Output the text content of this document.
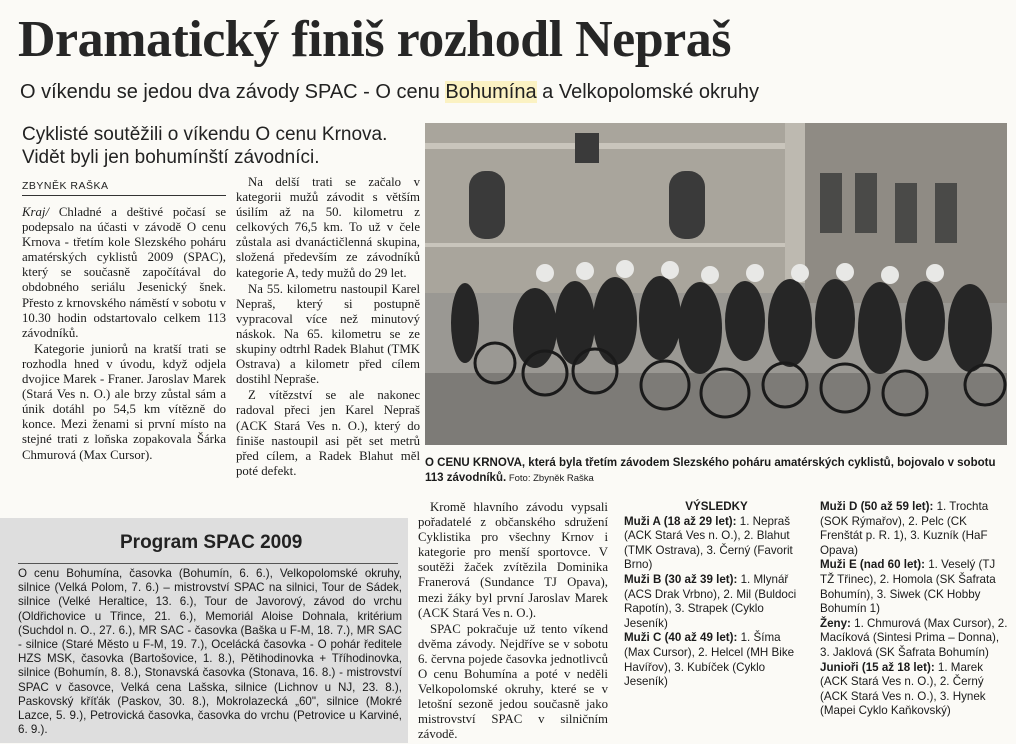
Dramatický finiš rozhodl Nepraš
O víkendu se jedou dva závody SPAC - O cenu Bohumína a Velkopolomské okruhy
Cyklisté soutěžili o víkendu O cenu Krnova. Vidět byli jen bohumínští závodníci.
ZBYNĚK RAŠKA

Kraj/ Chladné a deštivé počasí se podepsalo na účasti v závodě O cenu Krnova - třetím kole Slezského poháru amatérských cyklistů 2009 (SPAC), který se současně započítával do obdobného seriálu Jesenický šnek. Přesto z krnovského náměstí v sobotu v 10.30 hodin odstartovalo celkem 113 závodníků.

Kategorie juniorů na kratší trati se rozhodla hned v úvodu, když odjela dvojice Marek - Franer. Jaroslav Marek (Stará Ves n. O.) ale brzy zůstal sám a únik dotáhl po 54,5 km vítězně do konce. Mezi ženami si první místo na stejné trati z loňska zopakovala Šárka Chmurová (Max Cursor).

Na delší trati se začalo v kategorii mužů závodit s větším úsilím až na 50. kilometru z celkových 76,5 km. To už v čele zůstala asi dvanáctičlenná skupina, složená především ze závodníků kategorie A, tedy mužů do 29 let.

Na 55. kilometru nastoupil Karel Nepraš, který si postupně vypracoval více než minutový náskok. Na 65. kilometru se ze skupiny odtrhl Radek Blahut (TMK Ostrava) a kilometr před cílem dostihl Nepraše.

Z vítězství se ale nakonec radoval přeci jen Karel Nepraš (ACK Stará Ves n. O.), který do finiše nastoupil asi pět set metrů před cílem, a Radek Blahut měl poté defekt.

O CENU KRNOVA, která byla třetím závodem Slezského poháru amatérských cyklistů, bojovalo v sobotu 113 závodníků. Foto: Zbyněk Raška
Program SPAC 2009
O cenu Bohumína, časovka (Bohumín, 6. 6.), Velkopolomské okruhy, silnice (Velká Polom, 7. 6.) – mistrovství SPAC na silnici, Tour de Sádek, silnice (Velké Heraltice, 13. 6.), Tour de Javorový, závod do vrchu (Oldřichovice u Třince, 21. 6.), Memoriál Aloise Dohnala, kritérium (Suchdol n. O., 27. 6.), MR SAC - časovka (Baška u F-M, 18. 7.), MR SAC - silnice (Staré Město u F-M, 19. 7.), Ocelácká časovka - O pohár ředitele HZS MSK, časovka (Bartošovice, 1. 8.), Pětihodinovka + Tříhodinovka, silnice (Bohumín, 8. 8.), Stonavská časovka (Stonava, 16. 8.) - mistrovství SPAC v časovce, Velká cena Lašska, silnice (Lichnov u NJ, 23. 8.), Paskovský kříťák (Paskov, 30. 8.), Mokrolazecká „60", silnice (Mokré Lazce, 5. 9.), Petrovická časovka, časovka do vrchu (Petrovice u Karviné, 6. 9.).

Kromě hlavního závodu vypsali pořadatelé z občanského sdružení Cyklistika pro všechny Krnov i kategorie pro menší sportovce. V soutěži žaček zvítězila Dominika Franerová (Sundance TJ Opava), mezi žáky byl první Jaroslav Marek (ACK Stará Ves n. O.).

SPAC pokračuje už tento víkend dvěma závody. Nejdříve se v sobotu 6. června pojede časovka jednotlivců O cenu Bohumína a poté v neděli Velkopolomské okruhy, které se v letošní sezoně jedou současně jako mistrovství SPAC v silničním závodě.

VÝSLEDKY

Muži A (18 až 29 let): 1. Nepraš (ACK Stará Ves n. O.), 2. Blahut (TMK Ostrava), 3. Černý (Favorit Brno)

Muži B (30 až 39 let): 1. Mlynář (ACS Drak Vrbno), 2. Mil (Buldoci Rapotín), 3. Strapek (Cyklo Jeseník)

Muži C (40 až 49 let): 1. Šíma (Max Cursor), 2. Helcel (MH Bike Havířov), 3. Kubíček (Cyklo Jeseník)

Muži D (50 až 59 let): 1. Trochta (SOK Rýmařov), 2. Pelc (CK Frenštát p. R. 1), 3. Kuzník (HaF Opava)

Muži E (nad 60 let): 1. Veselý (TJ TŽ Třinec), 2. Homola (SK Šafrata Bohumín), 3. Siwek (CK Hobby Bohumín 1)

Ženy: 1. Chmurová (Max Cursor), 2. Macíková (Sintesi Prima – Donna), 3. Jaklová (SK Šafrata Bohumín)

Junioři (15 až 18 let): 1. Marek (ACK Stará Ves n. O.), 2. Černý (ACK Stará Ves n. O.), 3. Hynek (Mapei Cyklo Kaňkovský)
